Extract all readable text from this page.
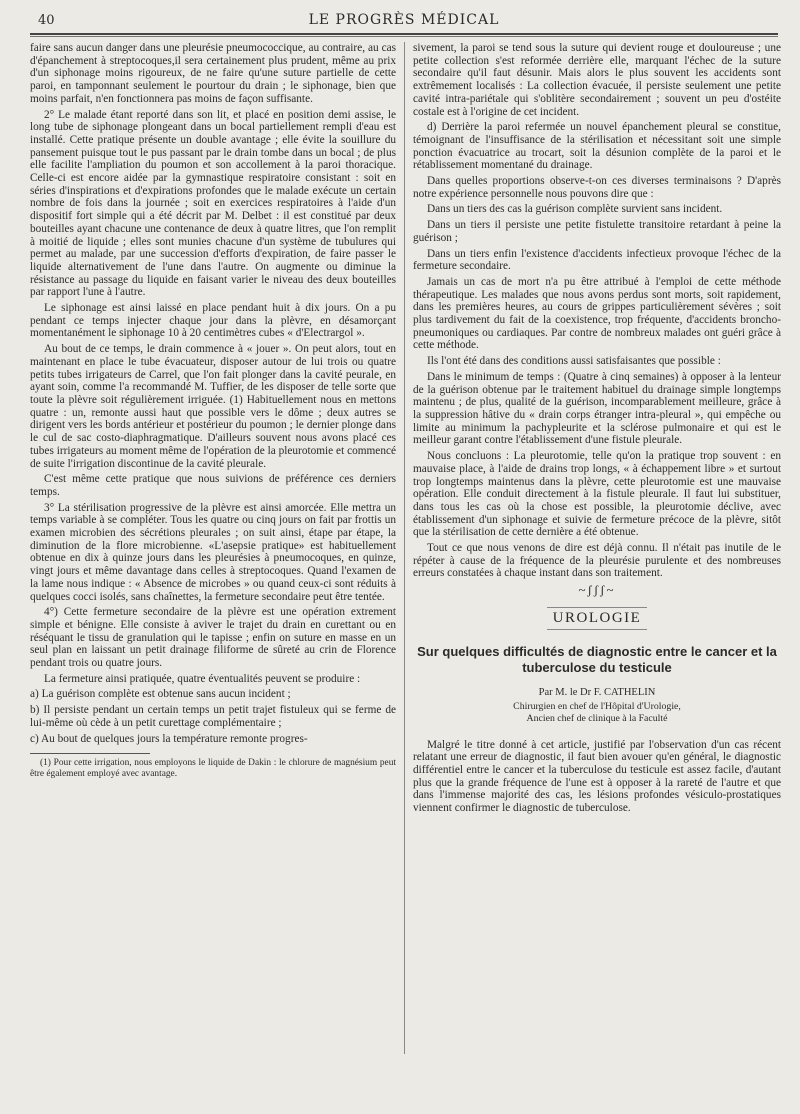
40	LE PROGRÈS MÉDICAL

faire sans aucun danger dans une pleurésie pneumococcique, au contraire, au cas d'épanchement à streptocoques,il sera certainement plus prudent, même au prix d'un siphonage moins rigoureux, de ne faire qu'une suture partielle de cette paroi, en tamponnant seulement le pourtour du drain ; le siphonage, bien que moins parfait, n'en fonctionnera pas moins de façon suffisante.

2° Le malade étant reporté dans son lit, et placé en position demi assise, le long tube de siphonage plongeant dans un bocal partiellement rempli d'eau est installé. Cette pratique présente un double avantage ; elle évite la souillure du pansement puisque tout le pus passant par le drain tombe dans un bocal ; de plus elle facilite l'ampliation du poumon et son accollement à la paroi thoracique. Celle-ci est encore aidée par la gymnastique respiratoire consistant : soit en séries d'inspirations et d'expirations profondes que le malade exécute un certain nombre de fois dans la journée ; soit en exercices respiratoires à l'aide d'un dispositif fort simple qui a été décrit par M. Delbet : il est constitué par deux bouteilles ayant chacune une contenance de deux à quatre litres, que l'on remplit à moitié de liquide ; elles sont munies chacune d'un système de tubulures qui permet au malade, par une succession d'efforts d'expiration, de faire passer le liquide alternativement de l'une dans l'autre. On augmente ou diminue la résistance au passage du liquide en faisant varier le niveau des deux bouteilles par rapport l'une à l'autre.

Le siphonage est ainsi laissé en place pendant huit à dix jours. On a pu pendant ce temps injecter chaque jour dans la plèvre, en désamorçant momentanément le siphonage 10 à 20 centimètres cubes « d'Electrargol ».

Au bout de ce temps, le drain commence à « jouer ». On peut alors, tout en maintenant en place le tube évacuateur, disposer autour de lui trois ou quatre petits tubes irrigateurs de Carrel, que l'on fait plonger dans la cavité peurale, en ayant soin, comme l'a recommandé M. Tuffier, de les disposer de telle sorte que toute la plèvre soit régulièrement irriguée. (1) Habituellement nous en mettons quatre : un, remonte aussi haut que possible vers le dôme ; deux autres se dirigent vers les bords antérieur et postérieur du poumon ; le dernier plonge dans le cul de sac costo-diaphragmatique. D'ailleurs souvent nous avons placé ces tubes irrigateurs au moment même de l'opération de la pleurotomie et commencé de suite l'irrigation discontinue de la cavité pleurale.

C'est même cette pratique que nous suivions de préférence ces derniers temps.

3° La stérilisation progressive de la plèvre est ainsi amorcée. Elle mettra un temps variable à se compléter. Tous les quatre ou cinq jours on fait par frottis un examen microbien des sécrétions pleurales ; on suit ainsi, étape par étape, la diminution de la flore microbienne. «L'asepsie pratique» est habituellement obtenue en dix à quinze jours dans les pleurésies à pneumocoques, en quinze, vingt jours et même davantage dans celles à streptocoques. Quand l'examen de la lame nous indique : « Absence de microbes » ou quand ceux-ci sont réduits à quelques cocci isolés, sans chaînettes, la fermeture secondaire peut être tentée.

4°) Cette fermeture secondaire de la plèvre est une opération extrement simple et bénigne. Elle consiste à aviver le trajet du drain en curettant ou en réséquant le tissu de granulation qui le tapisse ; enfin on suture en masse en un seul plan en laissant un petit drainage filiforme de sûreté au crin de Florence pendant trois ou quatre jours.

La fermeture ainsi pratiquée, quatre éventualités peuvent se produire :

a) La guérison complète est obtenue sans aucun incident ;

b) Il persiste pendant un certain temps un petit trajet fistuleux qui se ferme de lui-même où cède à un petit curettage complémentaire ;

c) Au bout de quelques jours la température remonte progres-

(1) Pour cette irrigation, nous employons le liquide de Dakin : le chlorure de magnésium peut être également employé avec avantage.

sivement, la paroi se tend sous la suture qui devient rouge et douloureuse ; une petite collection s'est reformée derrière elle, marquant l'échec de la suture secondaire qu'il faut désunir. Mais alors le plus souvent les accidents sont extrêmement localisés : La collection évacuée, il persiste seulement une petite cavité intra-pariétale qui s'oblitère secondairement ; souvent un peu d'ostéite costale est à l'origine de cet incident.

d) Derrière la paroi refermée un nouvel épanchement pleural se constitue, témoignant de l'insuffisance de la stérilisation et nécessitant soit une simple ponction évacuatrice au trocart, soit la désunion complète de la paroi et le rétablissement momentané du drainage.

Dans quelles proportions observe-t-on ces diverses terminaisons ? D'après notre expérience personnelle nous pouvons dire que :

Dans un tiers des cas la guérison complète survient sans incident.

Dans un tiers il persiste une petite fistulette transitoire retardant à peine la guérison ;

Dans un tiers enfin l'existence d'accidents infectieux provoque l'échec de la fermeture secondaire.

Jamais un cas de mort n'a pu être attribué à l'emploi de cette méthode thérapeutique. Les malades que nous avons perdus sont morts, soit rapidement, dans les premières heures, au cours de grippes particulièrement sévères ; soit plus tardivement du fait de la coexistence, trop fréquente, d'accidents broncho-pneumoniques ou cardiaques. Par contre de nombreux malades ont guéri grâce à cette méthode.

Ils l'ont été dans des conditions aussi satisfaisantes que possible :

Dans le minimum de temps : (Quatre à cinq semaines) à opposer à la lenteur de la guérison obtenue par le traitement habituel du drainage simple longtemps maintenu ; de plus, qualité de la guérison, incomparablement meilleure, grâce à la suppression hâtive du « drain corps étranger intra-pleural », qui empêche ou limite au minimum la pachypleurite et la sclérose pulmonaire et qui est le meilleur garant contre l'établissement d'une fistule pleurale.

Nous concluons : La pleurotomie, telle qu'on la pratique trop souvent : en mauvaise place, à l'aide de drains trop longs, « à échappement libre » et surtout trop longtemps maintenus dans la plèvre, cette pleurotomie est une mauvaise opération. Elle conduit directement à la fistule pleurale. Il faut lui substituer, dans tous les cas où la chose est possible, la pleurotomie déclive, avec établissement d'un siphonage et suivie de fermeture précoce de la plèvre, sitôt que la stérilisation de cette dernière a été obtenue.

Tout ce que nous venons de dire est déjà connu. Il n'était pas inutile de le répéter à cause de la fréquence de la pleurésie purulente et des nombreuses erreurs constatées à chaque instant dans son traitement.

~ʃʃʃ~
UROLOGIE
Sur quelques difficultés de diagnostic entre le cancer et la tuberculose du testicule
Par M. le Dr F. CATHELIN
Chirurgien en chef de l'Hôpital d'Urologie,
Ancien chef de clinique à la Faculté

Malgré le titre donné à cet article, justifié par l'observation d'un cas récent relatant une erreur de diagnostic, il faut bien avouer qu'en général, le diagnostic différentiel entre le cancer et la tuberculose du testicule est assez facile, d'autant plus que la grande fréquence de l'une est à opposer à la rareté de l'autre et que dans l'immense majorité des cas, les lésions profondes vésiculo-prostatiques viennent confirmer le diagnostic de tuberculose.
